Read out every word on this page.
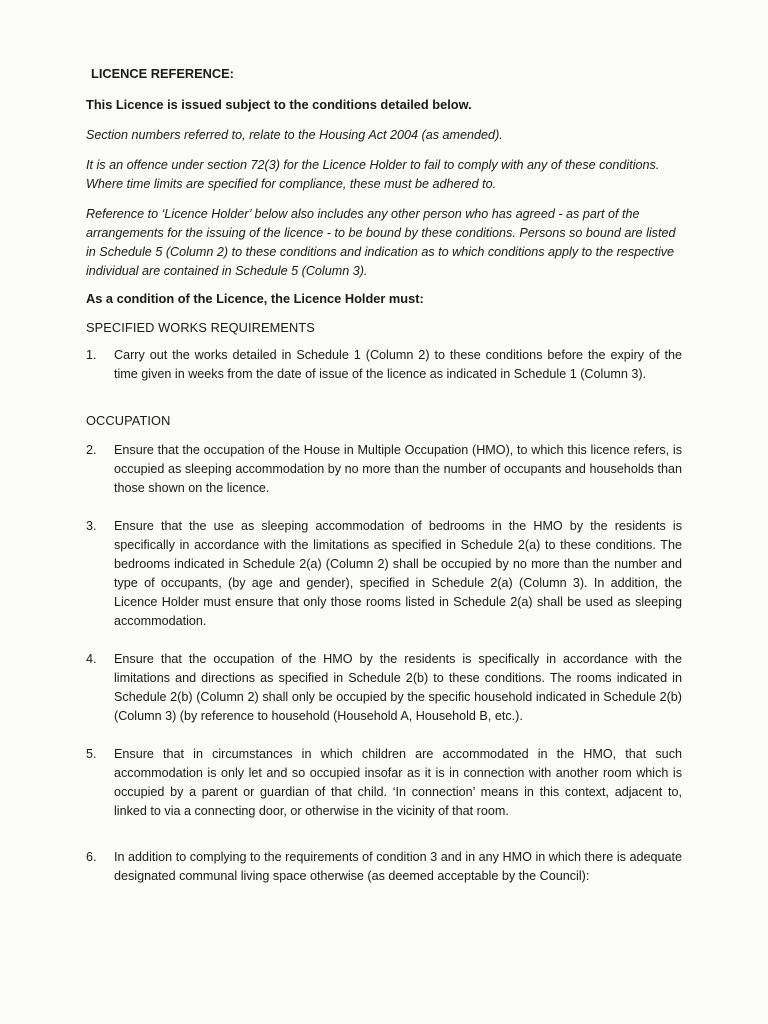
LICENCE REFERENCE:

This Licence is issued subject to the conditions detailed below.

Section numbers referred to, relate to the Housing Act 2004 (as amended).

It is an offence under section 72(3) for the Licence Holder to fail to comply with any of these conditions. Where time limits are specified for compliance, these must be adhered to.

Reference to ‘Licence Holder’ below also includes any other person who has agreed - as part of the arrangements for the issuing of the licence - to be bound by these conditions. Persons so bound are listed in Schedule 5 (Column 2) to these conditions and indication as to which conditions apply to the respective individual are contained in Schedule 5 (Column 3).

As a condition of the Licence, the Licence Holder must:

SPECIFIED WORKS REQUIREMENTS

1. Carry out the works detailed in Schedule 1 (Column 2) to these conditions before the expiry of the time given in weeks from the date of issue of the licence as indicated in Schedule 1 (Column 3).

OCCUPATION

2. Ensure that the occupation of the House in Multiple Occupation (HMO), to which this licence refers, is occupied as sleeping accommodation by no more than the number of occupants and households than those shown on the licence.
3. Ensure that the use as sleeping accommodation of bedrooms in the HMO by the residents is specifically in accordance with the limitations as specified in Schedule 2(a) to these conditions. The bedrooms indicated in Schedule 2(a) (Column 2) shall be occupied by no more than the number and type of occupants, (by age and gender), specified in Schedule 2(a) (Column 3). In addition, the Licence Holder must ensure that only those rooms listed in Schedule 2(a) shall be used as sleeping accommodation.
4. Ensure that the occupation of the HMO by the residents is specifically in accordance with the limitations and directions as specified in Schedule 2(b) to these conditions. The rooms indicated in Schedule 2(b) (Column 2) shall only be occupied by the specific household indicated in Schedule 2(b) (Column 3) (by reference to household (Household A, Household B, etc.).
5. Ensure that in circumstances in which children are accommodated in the HMO, that such accommodation is only let and so occupied insofar as it is in connection with another room which is occupied by a parent or guardian of that child. ‘In connection’ means in this context, adjacent to, linked to via a connecting door, or otherwise in the vicinity of that room.
6. In addition to complying to the requirements of condition 3 and in any HMO in which there is adequate designated communal living space otherwise (as deemed acceptable by the Council):
